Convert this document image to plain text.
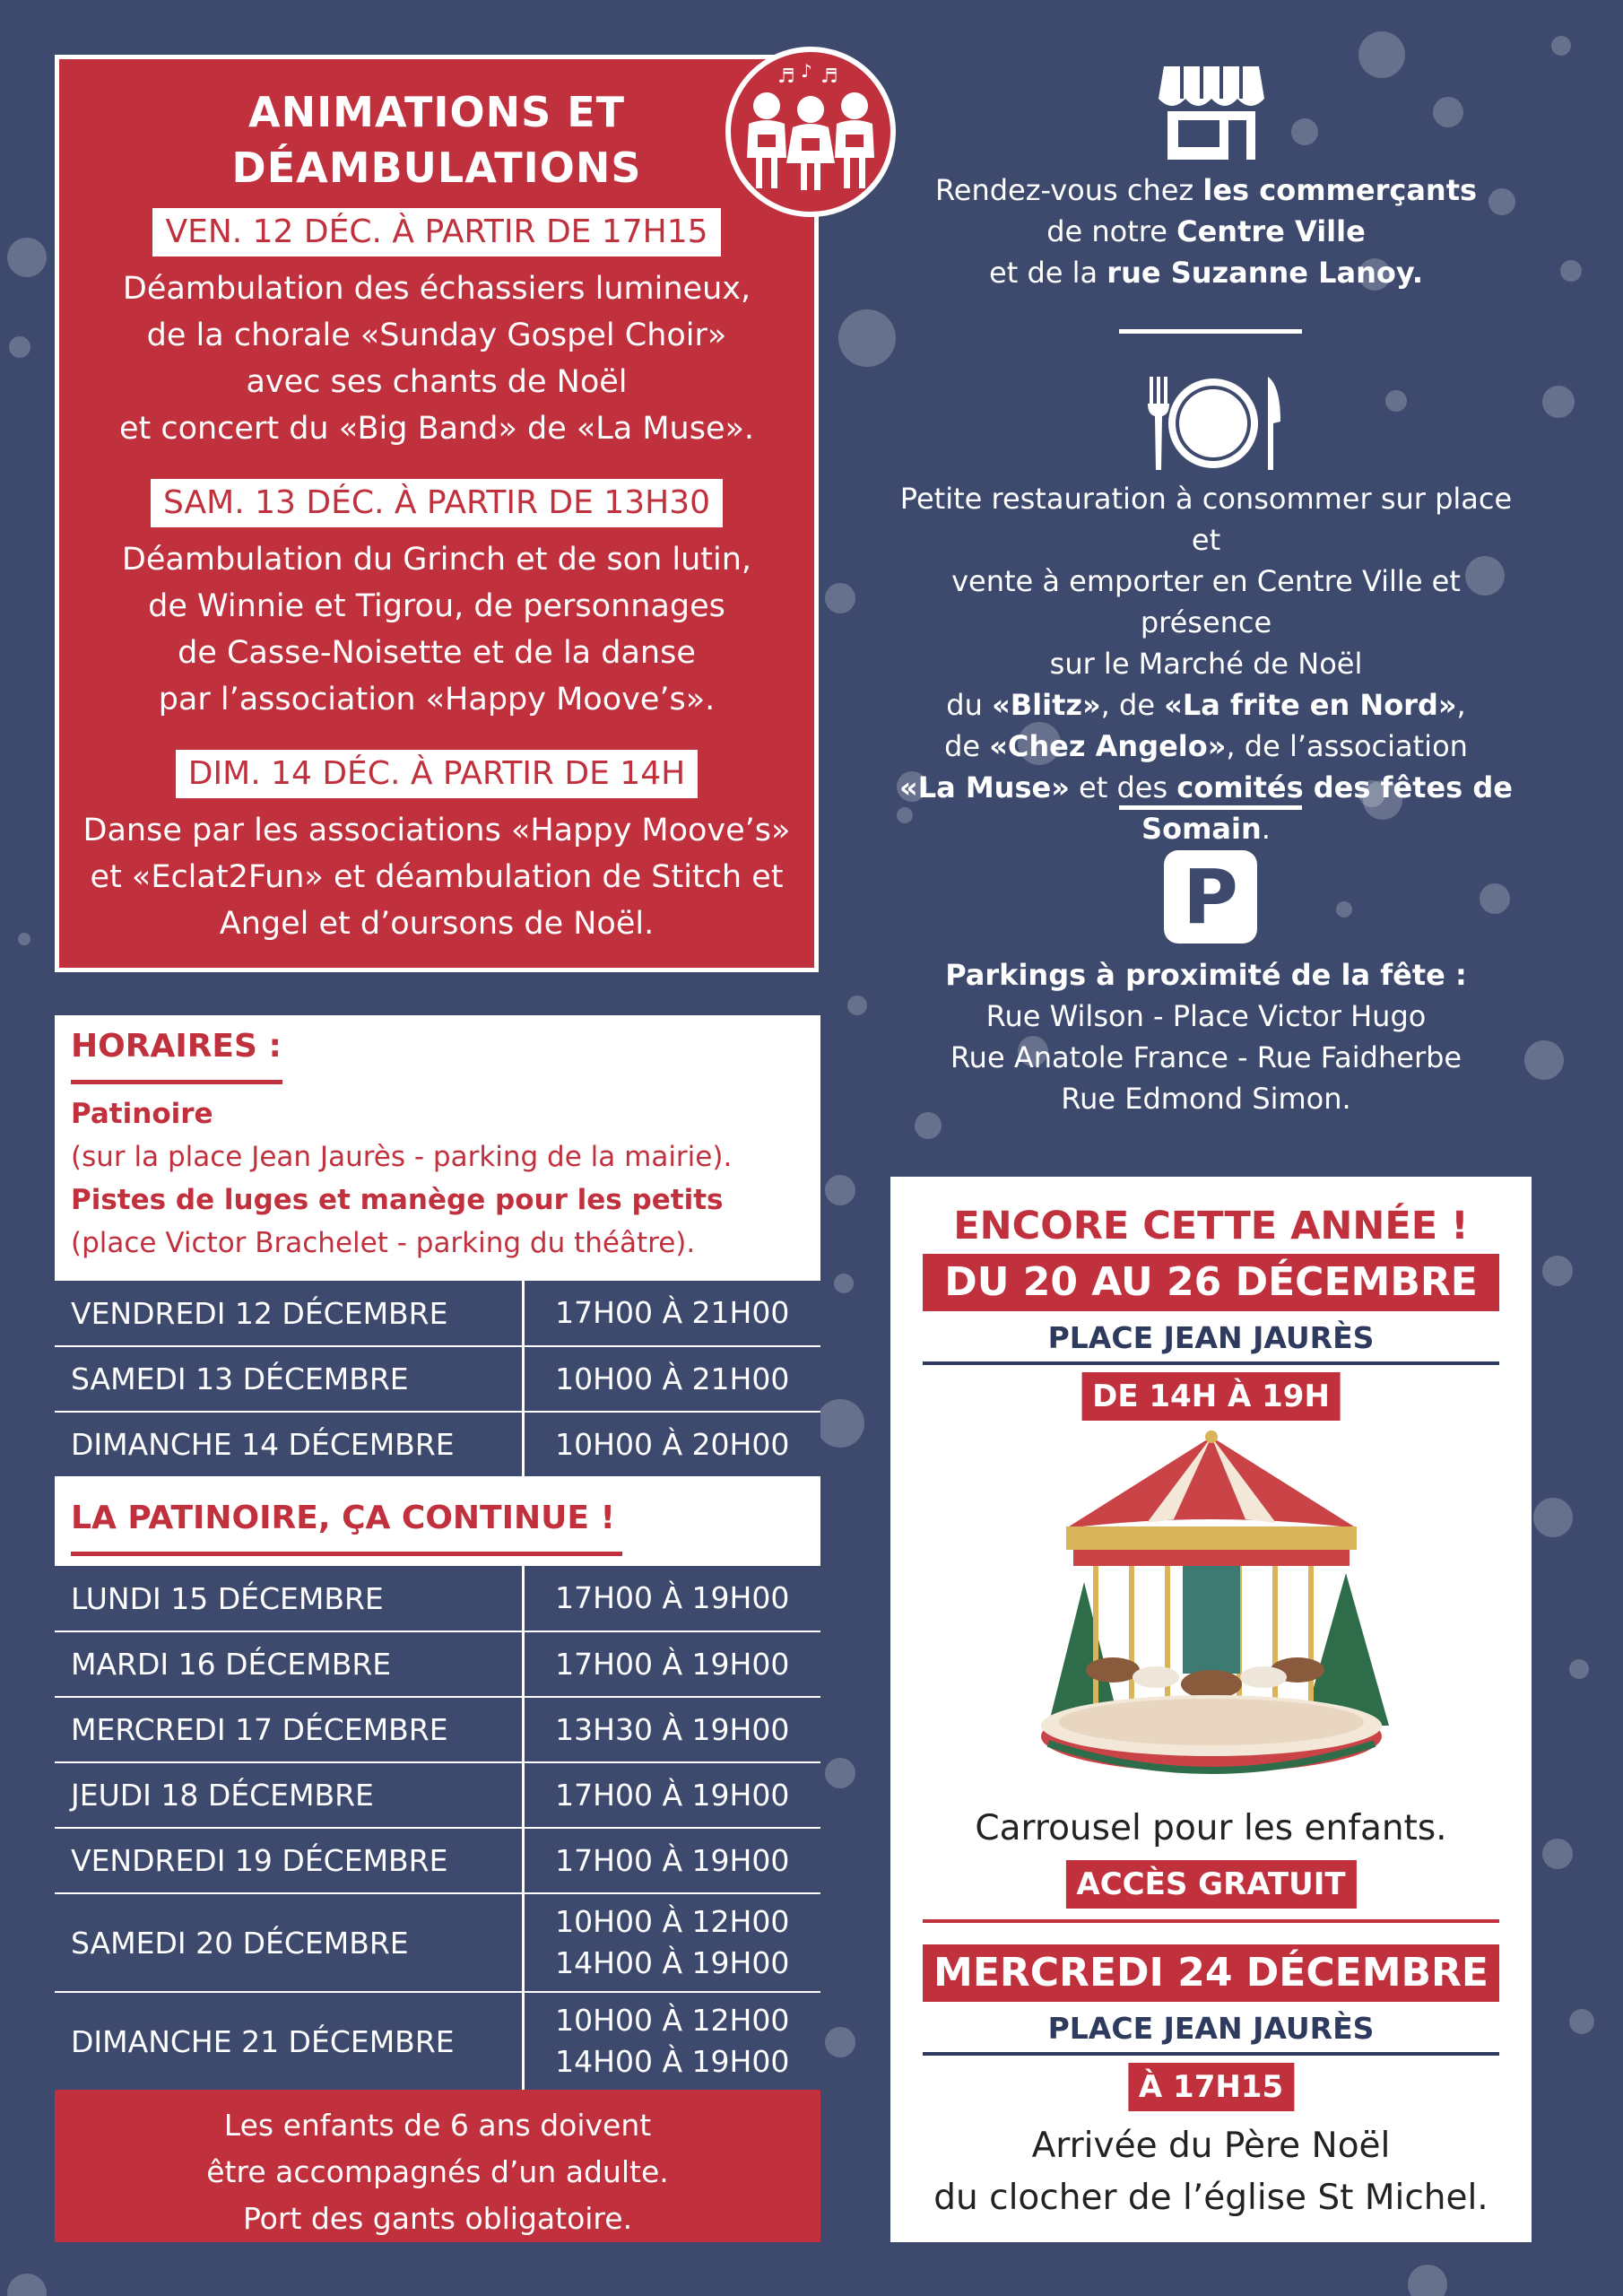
ANIMATIONS ET
DÉAMBULATIONS
VEN. 12 DÉC. À PARTIR DE 17H15
Déambulation des échassiers lumineux,
de la chorale «Sunday Gospel Choir»
avec ses chants de Noël
et concert du «Big Band» de «La Muse».
SAM. 13 DÉC. À PARTIR DE 13H30
Déambulation du Grinch et de son lutin,
de Winnie et Tigrou, de personnages
de Casse-Noisette et de la danse
par l’association «Happy Moove’s».
DIM. 14 DÉC. À PARTIR DE 14H
Danse par les associations «Happy Moove’s»
et «Eclat2Fun» et déambulation de Stitch et
Angel et d’oursons de Noël.
♬ ♪ ♬
Rendez-vous chez les commerçants
de notre Centre Ville
et de la rue Suzanne Lanoy.
Petite restauration à consommer sur place et
vente à emporter en Centre Ville et présence
sur le Marché de Noël
du «Blitz», de «La frite en Nord»,
de «Chez Angelo», de l’association
«La Muse» et des comités des fêtes de
Somain.
P
Parkings à proximité de la fête :
Rue Wilson - Place Victor Hugo
Rue Anatole France - Rue Faidherbe
Rue Edmond Simon.
HORAIRES :
Patinoire
(sur la place Jean Jaurès - parking de la mairie).
Pistes de luges et manège pour les petits
(place Victor Brachelet - parking du théâtre).
VENDREDI 12 DÉCEMBRE	17H00 À 21H00
SAMEDI 13 DÉCEMBRE	10H00 À 21H00
DIMANCHE 14 DÉCEMBRE	10H00 À 20H00
LA PATINOIRE, ÇA CONTINUE !
LUNDI 15 DÉCEMBRE	17H00 À 19H00
MARDI 16 DÉCEMBRE	17H00 À 19H00
MERCREDI 17 DÉCEMBRE	13H30 À 19H00
JEUDI 18 DÉCEMBRE	17H00 À 19H00
VENDREDI 19 DÉCEMBRE	17H00 À 19H00
SAMEDI 20 DÉCEMBRE	10H00 À 12H00
14H00 À 19H00

DIMANCHE 21 DÉCEMBRE	10H00 À 12H00
14H00 À 19H00
Les enfants de 6 ans doivent
être accompagnés d’un adulte.
Port des gants obligatoire.
ENCORE CETTE ANNÉE !
DU 20 AU 26 DÉCEMBRE
PLACE JEAN JAURÈS
DE 14H À 19H
Carrousel pour les enfants.
ACCÈS GRATUIT
MERCREDI 24 DÉCEMBRE
PLACE JEAN JAURÈS
À 17H15
Arrivée du Père Noël
du clocher de l’église St Michel.
